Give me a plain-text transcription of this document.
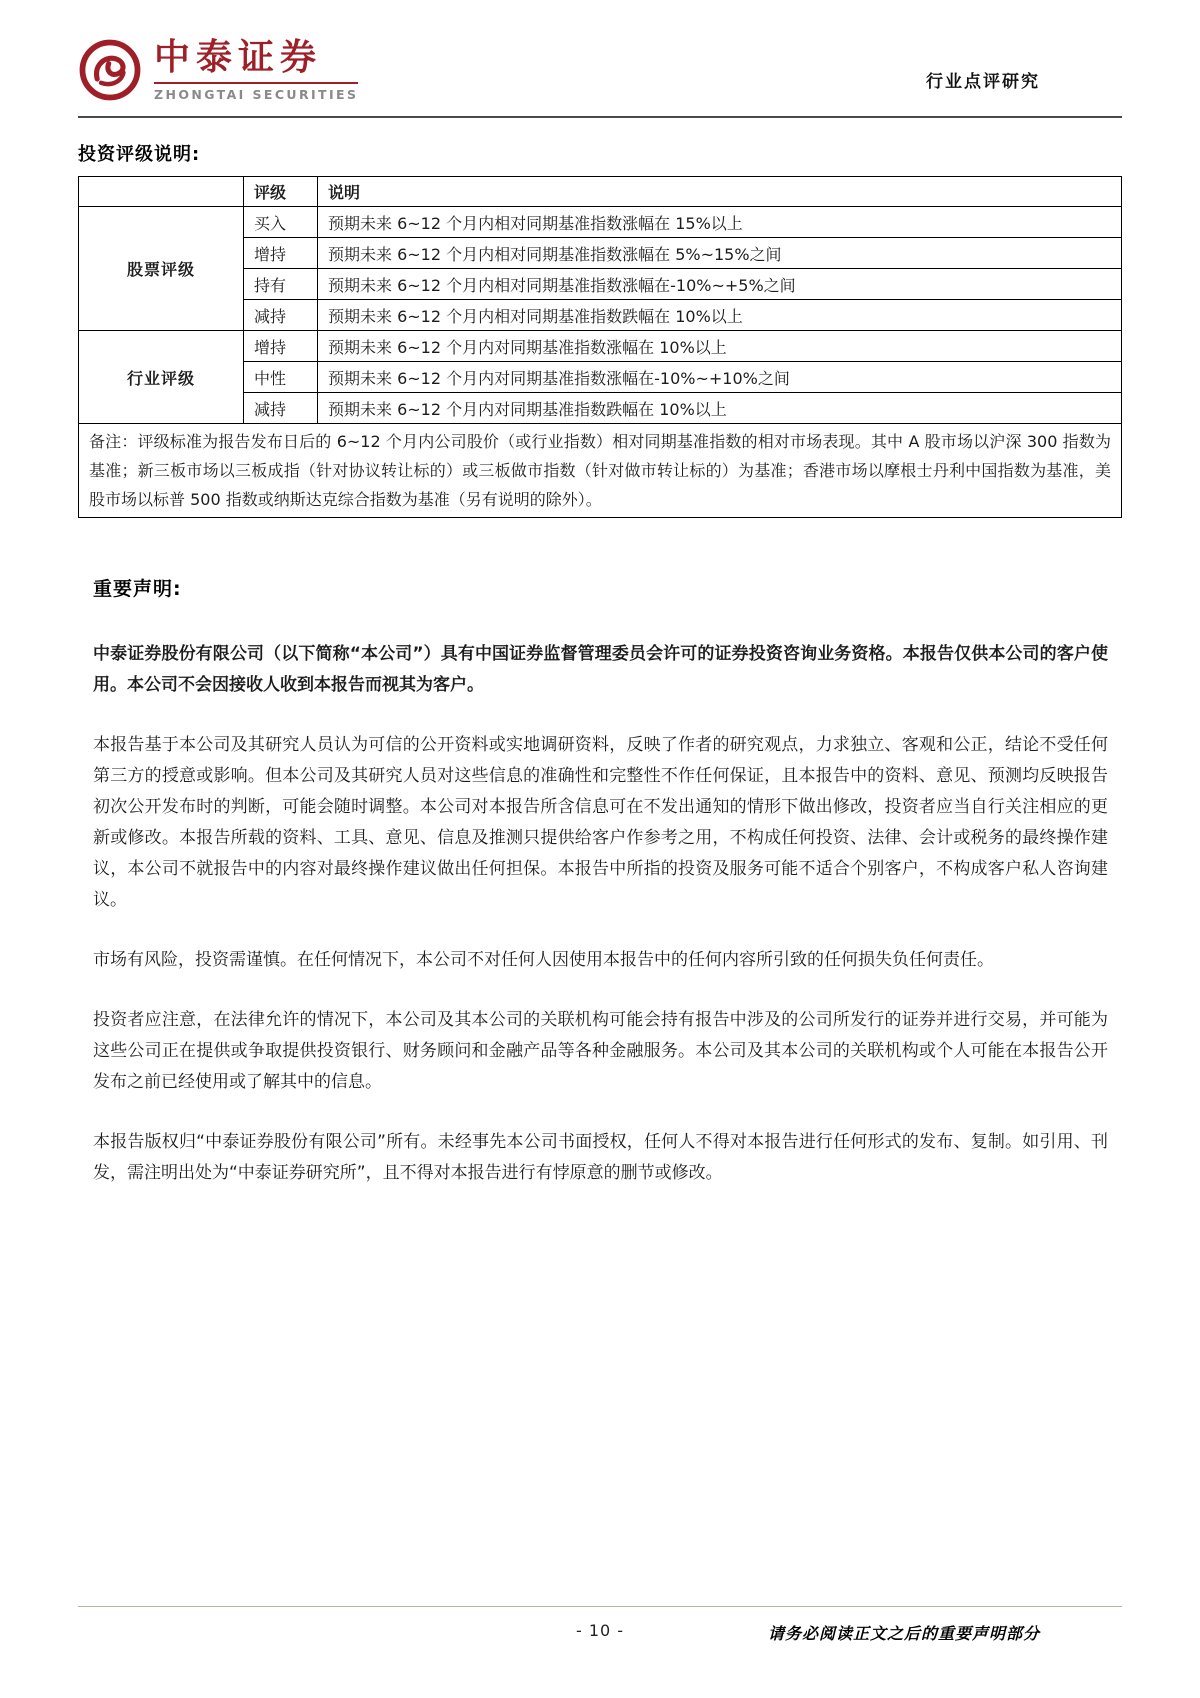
中泰证券
ZHONGTAI SECURITIES
行业点评研究
投资评级说明:
	评级	说明
股票评级	买入	预期未来 6~12 个月内相对同期基准指数涨幅在 15%以上
	增持	预期未来 6~12 个月内相对同期基准指数涨幅在 5%~15%之间
	持有	预期未来 6~12 个月内相对同期基准指数涨幅在-10%~+5%之间
	减持	预期未来 6~12 个月内相对同期基准指数跌幅在 10%以上
行业评级	增持	预期未来 6~12 个月内对同期基准指数涨幅在 10%以上
	中性	预期未来 6~12 个月内对同期基准指数涨幅在-10%~+10%之间
	减持	预期未来 6~12 个月内对同期基准指数跌幅在 10%以上
备注：评级标准为报告发布日后的 6~12 个月内公司股价（或行业指数）相对同期基准指数的相对市场表现。其中 A 股市场以沪深 300 指数为基准；新三板市场以三板成指（针对协议转让标的）或三板做市指数（针对做市转让标的）为基准；香港市场以摩根士丹利中国指数为基准，美股市场以标普 500 指数或纳斯达克综合指数为基准（另有说明的除外）。		
重要声明:

中泰证券股份有限公司（以下简称“本公司”）具有中国证券监督管理委员会许可的证券投资咨询业务资格。本报告仅供本公司的客户使用。本公司不会因接收人收到本报告而视其为客户。

本报告基于本公司及其研究人员认为可信的公开资料或实地调研资料，反映了作者的研究观点，力求独立、客观和公正，结论不受任何第三方的授意或影响。但本公司及其研究人员对这些信息的准确性和完整性不作任何保证，且本报告中的资料、意见、预测均反映报告初次公开发布时的判断，可能会随时调整。本公司对本报告所含信息可在不发出通知的情形下做出修改，投资者应当自行关注相应的更新或修改。本报告所载的资料、工具、意见、信息及推测只提供给客户作参考之用，不构成任何投资、法律、会计或税务的最终操作建议，本公司不就报告中的内容对最终操作建议做出任何担保。本报告中所指的投资及服务可能不适合个别客户，不构成客户私人咨询建议。

市场有风险，投资需谨慎。在任何情况下，本公司不对任何人因使用本报告中的任何内容所引致的任何损失负任何责任。

投资者应注意，在法律允许的情况下，本公司及其本公司的关联机构可能会持有报告中涉及的公司所发行的证券并进行交易，并可能为这些公司正在提供或争取提供投资银行、财务顾问和金融产品等各种金融服务。本公司及其本公司的关联机构或个人可能在本报告公开发布之前已经使用或了解其中的信息。

本报告版权归“中泰证券股份有限公司”所有。未经事先本公司书面授权，任何人不得对本报告进行任何形式的发布、复制。如引用、刊发，需注明出处为“中泰证券研究所”，且不得对本报告进行有悖原意的删节或修改。

- 10 -	请务必阅读正文之后的重要声明部分
